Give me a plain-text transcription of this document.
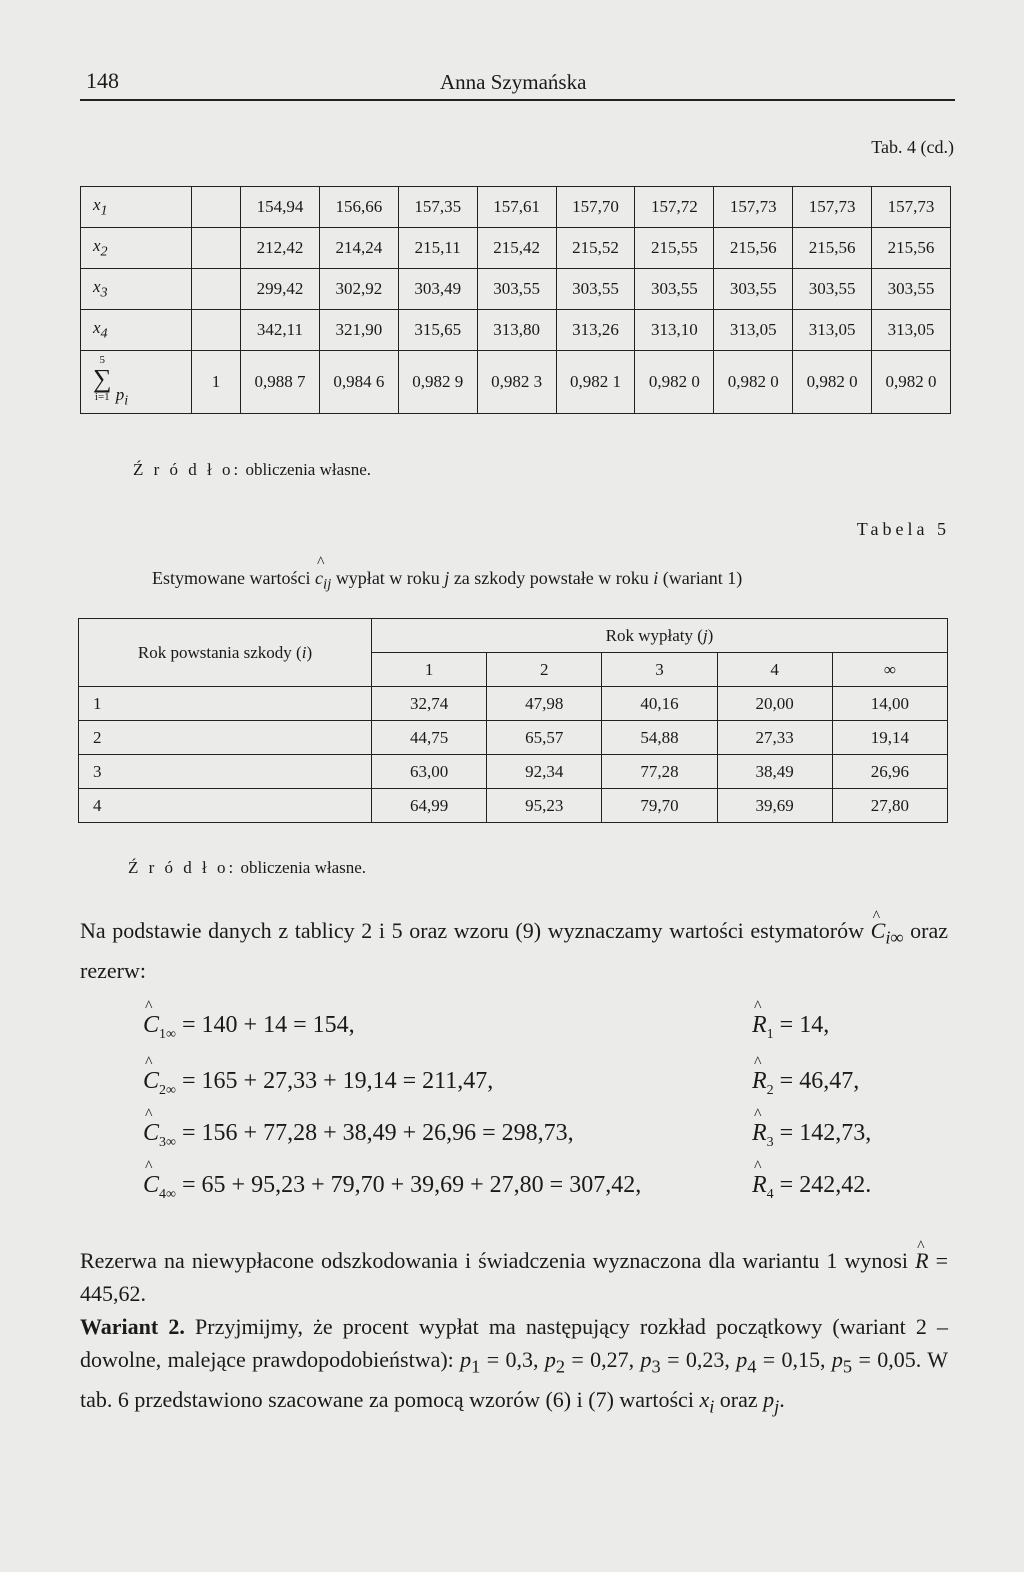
148	Anna Szymańska
Tab. 4 (cd.)
$x_1$		154,94	156,66	157,35	157,61	157,70	157,72	157,73	157,73	157,73
$x_2$		212,42	214,24	215,11	215,42	215,52	215,55	215,56	215,56	215,56
$x_3$		299,42	302,92	303,49	303,55	303,55	303,55	303,55	303,55	303,55
$x_4$		342,11	321,90	315,65	313,80	313,26	313,10	313,05	313,05	313,05

5
∑
i=1 $p_i$	1	0,988 7	0,984 6	0,982 9	0,982 3	0,982 1	0,982 0	0,982 0	0,982 0	0,982 0
Ź r ó d ł o: obliczenia własne.
Tabela 5
Estymowane wartości ^ $c_{ij}$ wypłat w roku j za szkody powstałe w roku i (wariant 1)
Rok powstania szkody (i)	Rok wypłaty (j)				
	1	2	3	4	∞
1	32,74	47,98	40,16	20,00	14,00
2	44,75	65,57	54,88	27,33	19,14
3	63,00	92,34	77,28	38,49	26,96
4	64,99	95,23	79,70	39,69	27,80
Ź r ó d ł o: obliczenia własne.
Na podstawie danych z tablicy 2 i 5 oraz wzoru (9) wyznaczamy wartości estymatorów ^ $C_{i\infty}$ oraz rezerw:
^ $C_{1\infty} = 140 + 14 = 154$,	^ $R_1 = 14$,
^ $C_{2\infty} = 165 + 27,33 + 19,14 = 211,47$,	^ $R_2 = 46,47$,
^ $C_{3\infty} = 156 + 77,28 + 38,49 + 26,96 = 298,73$,	^ $R_3 = 142,73$,
^ $C_{4\infty} = 65 + 95,23 + 79,70 + 39,69 + 27,80 = 307,42$,	^ $R_4 = 242,42$.
Rezerwa na niewypłacone odszkodowania i świadczenia wyznaczona dla wariantu 1 wynosi ^ R = 445,62.
Wariant 2. Przyjmijmy, że procent wypłat ma następujący rozkład początkowy (wariant 2 – dowolne, malejące prawdopodobieństwa): $p_1 = 0,3$, $p_2 = 0,27$, $p_3 = 0,23$, $p_4 = 0,15$, $p_5 = 0,05$. W tab. 6 przedstawiono szacowane za pomocą wzorów (6) i (7) wartości $x_i$ oraz $p_j$.
